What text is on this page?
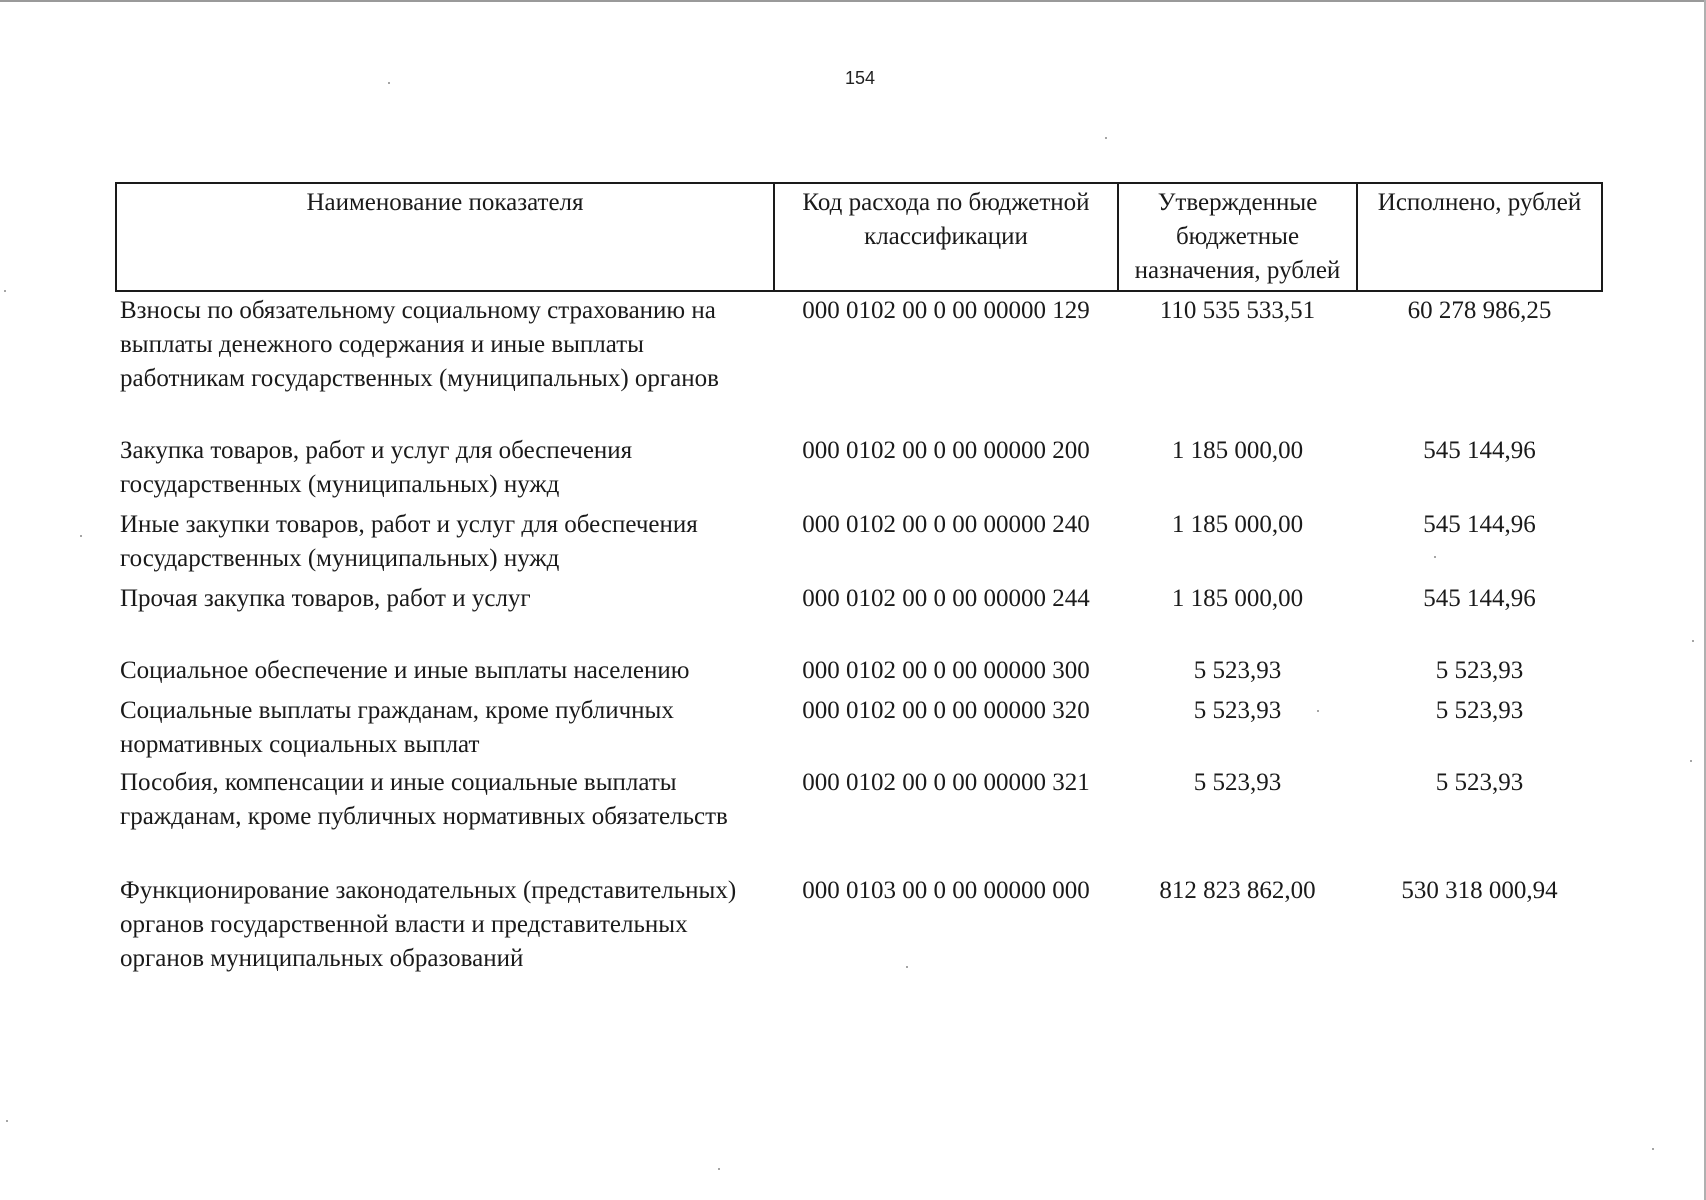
154
Наименование показателя	Код расхода по бюджетной классификации	Утвержденные бюджетные назначения, рублей	Исполнено, рублей
Взносы по обязательному социальному страхованию на выплаты денежного содержания и иные выплаты работникам государственных (муниципальных) органов	000 0102 00 0 00 00000 129	110 535 533,51	60 278 986,25
Закупка товаров, работ и услуг для обеспечения государственных (муниципальных) нужд	000 0102 00 0 00 00000 200	1 185 000,00	545 144,96
Иные закупки товаров, работ и услуг для обеспечения государственных (муниципальных) нужд	000 0102 00 0 00 00000 240	1 185 000,00	545 144,96
Прочая закупка товаров, работ и услуг	000 0102 00 0 00 00000 244	1 185 000,00	545 144,96
Социальное обеспечение и иные выплаты населению	000 0102 00 0 00 00000 300	5 523,93	5 523,93
Социальные выплаты гражданам, кроме публичных нормативных социальных выплат	000 0102 00 0 00 00000 320	5 523,93	5 523,93
Пособия, компенсации и иные социальные выплаты гражданам, кроме публичных нормативных обязательств	000 0102 00 0 00 00000 321	5 523,93	5 523,93
Функционирование законодательных (представительных) органов государственной власти и представительных органов муниципальных образований	000 0103 00 0 00 00000 000	812 823 862,00	530 318 000,94
